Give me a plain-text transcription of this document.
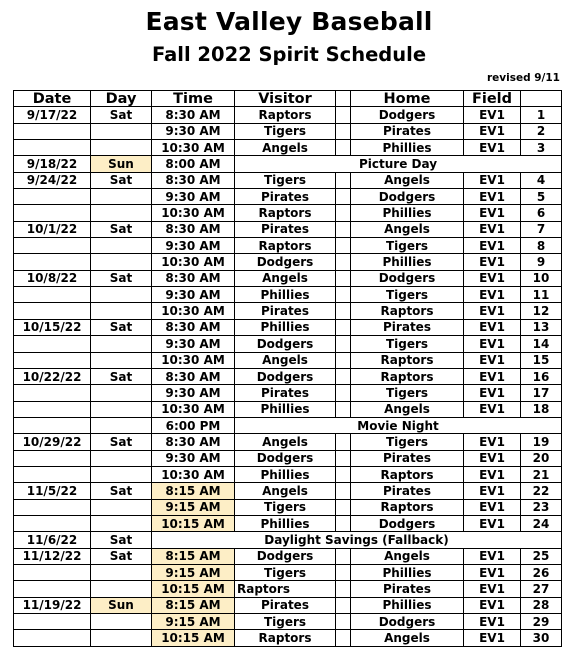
East Valley Baseball
Fall 2022 Spirit Schedule
revised 9/11
Date	Day	Time	Visitor		Home	Field	
9/17/22	Sat	8:30 AM	Raptors		Dodgers	EV1	1
		9:30 AM	Tigers		Pirates	EV1	2
		10:30 AM	Angels		Phillies	EV1	3
9/18/22	Sun	8:00 AM	Picture Day				
9/24/22	Sat	8:30 AM	Tigers		Angels	EV1	4
		9:30 AM	Pirates		Dodgers	EV1	5
		10:30 AM	Raptors		Phillies	EV1	6
10/1/22	Sat	8:30 AM	Pirates		Angels	EV1	7
		9:30 AM	Raptors		Tigers	EV1	8
		10:30 AM	Dodgers		Phillies	EV1	9
10/8/22	Sat	8:30 AM	Angels		Dodgers	EV1	10
		9:30 AM	Phillies		Tigers	EV1	11
		10:30 AM	Pirates		Raptors	EV1	12
10/15/22	Sat	8:30 AM	Phillies		Pirates	EV1	13
		9:30 AM	Dodgers		Tigers	EV1	14
		10:30 AM	Angels		Raptors	EV1	15
10/22/22	Sat	8:30 AM	Dodgers		Raptors	EV1	16
		9:30 AM	Pirates		Tigers	EV1	17
		10:30 AM	Phillies		Angels	EV1	18
		6:00 PM	Movie Night				
10/29/22	Sat	8:30 AM	Angels		Tigers	EV1	19
		9:30 AM	Dodgers		Pirates	EV1	20
		10:30 AM	Phillies		Raptors	EV1	21
11/5/22	Sat	8:15 AM	Angels		Pirates	EV1	22
		9:15 AM	Tigers		Raptors	EV1	23
		10:15 AM	Phillies		Dodgers	EV1	24
11/6/22	Sat	Daylight Savings (Fallback)					
11/12/22	Sat	8:15 AM	Dodgers		Angels	EV1	25
		9:15 AM	Tigers		Phillies	EV1	26
		10:15 AM	Raptors		Pirates	EV1	27
11/19/22	Sun	8:15 AM	Pirates		Phillies	EV1	28
		9:15 AM	Tigers		Dodgers	EV1	29
		10:15 AM	Raptors		Angels	EV1	30
